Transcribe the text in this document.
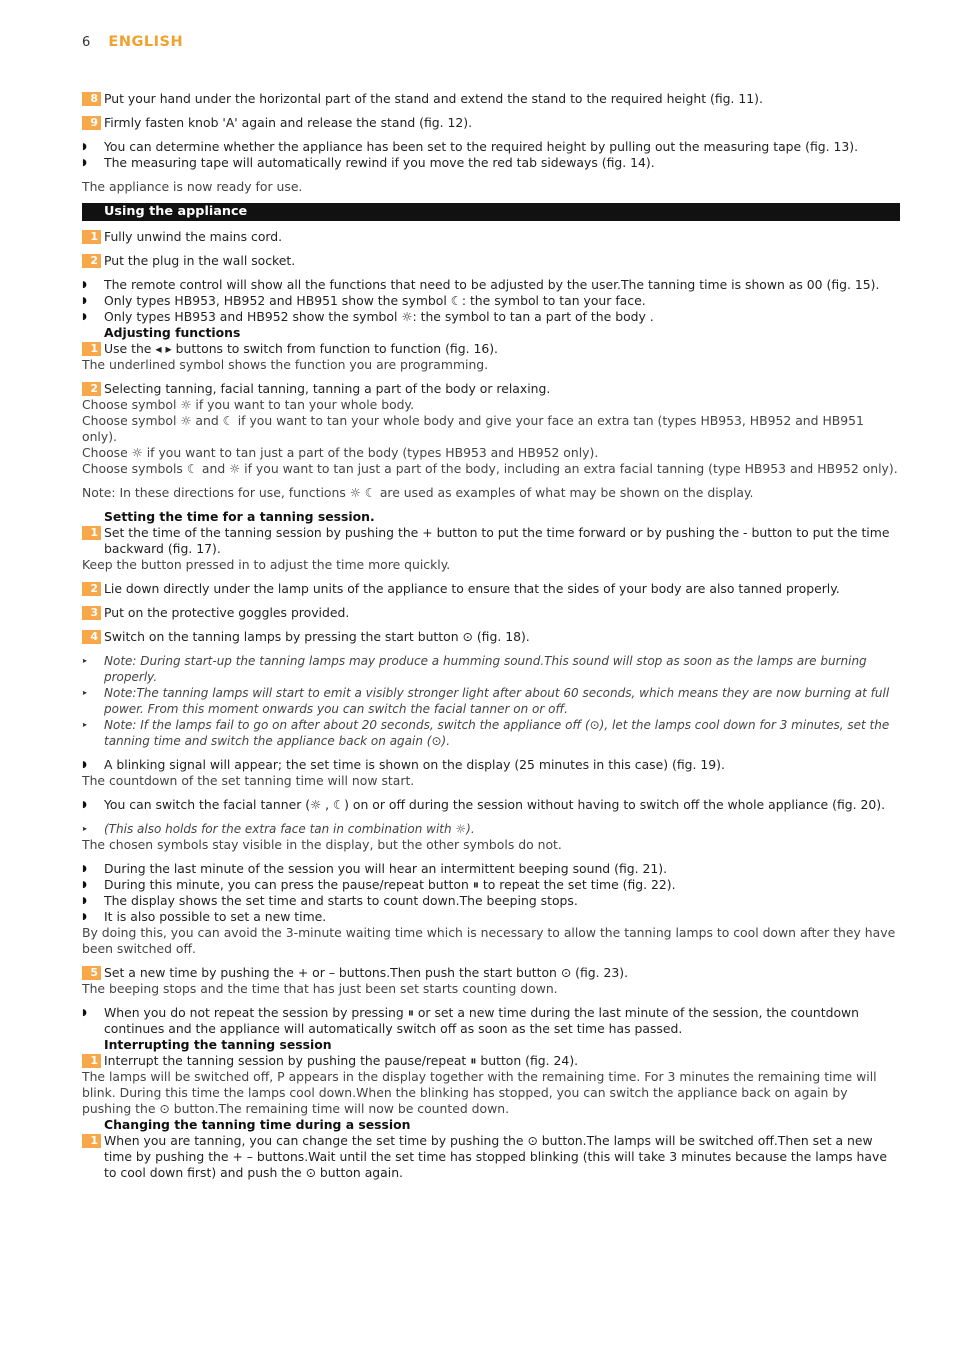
6 ENGLISH
8 Put your hand under the horizontal part of the stand and extend the stand to the required height (fig. 11).
9 Firmly fasten knob 'A' again and release the stand (fig. 12).
◗ You can determine whether the appliance has been set to the required height by pulling out the measuring tape (fig. 13).
◗ The measuring tape will automatically rewind if you move the red tab sideways (fig. 14).
The appliance is now ready for use.
Using the appliance
1 Fully unwind the mains cord.
2 Put the plug in the wall socket.
◗ The remote control will show all the functions that need to be adjusted by the user.The tanning time is shown as 00 (fig. 15).
◗ Only types HB953, HB952 and HB951 show the symbol ☾: the symbol to tan your face.
◗ Only types HB953 and HB952 show the symbol ☼: the symbol to tan a part of the body .
Adjusting functions
1 Use the ◂ ▸ buttons to switch from function to function (fig. 16).
The underlined symbol shows the function you are programming.
2 Selecting tanning, facial tanning, tanning a part of the body or relaxing.
Choose symbol ☼ if you want to tan your whole body.
Choose symbol ☼ and ☾ if you want to tan your whole body and give your face an extra tan (types HB953, HB952 and HB951 only).
Choose ☼ if you want to tan just a part of the body (types HB953 and HB952 only).
Choose symbols ☾ and ☼ if you want to tan just a part of the body, including an extra facial tanning (type HB953 and HB952 only).
Note: In these directions for use, functions ☼ ☾ are used as examples of what may be shown on the display.
Setting the time for a tanning session.
1 Set the time of the tanning session by pushing the + button to put the time forward or by pushing the - button to put the time backward (fig. 17).
Keep the button pressed in to adjust the time more quickly.
2 Lie down directly under the lamp units of the appliance to ensure that the sides of your body are also tanned properly.
3 Put on the protective goggles provided.
4 Switch on the tanning lamps by pressing the start button ⊙ (fig. 18).
▸ Note: During start-up the tanning lamps may produce a humming sound.This sound will stop as soon as the lamps are burning properly.
▸ Note:The tanning lamps will start to emit a visibly stronger light after about 60 seconds, which means they are now burning at full power. From this moment onwards you can switch the facial tanner on or off.
▸ Note: If the lamps fail to go on after about 20 seconds, switch the appliance off (⊙), let the lamps cool down for 3 minutes, set the tanning time and switch the appliance back on again (⊙).
◗ A blinking signal will appear; the set time is shown on the display (25 minutes in this case) (fig. 19).
The countdown of the set tanning time will now start.
◗ You can switch the facial tanner (☼ , ☾) on or off during the session without having to switch off the whole appliance (fig. 20).
▸ (This also holds for the extra face tan in combination with ☼).
The chosen symbols stay visible in the display, but the other symbols do not.
◗ During the last minute of the session you will hear an intermittent beeping sound (fig. 21).
◗ During this minute, you can press the pause/repeat button ⏸ to repeat the set time (fig. 22).
◗ The display shows the set time and starts to count down.The beeping stops.
◗ It is also possible to set a new time.
By doing this, you can avoid the 3-minute waiting time which is necessary to allow the tanning lamps to cool down after they have been switched off.
5 Set a new time by pushing the + or – buttons.Then push the start button ⊙ (fig. 23).
The beeping stops and the time that has just been set starts counting down.
◗ When you do not repeat the session by pressing ⏸ or set a new time during the last minute of the session, the countdown continues and the appliance will automatically switch off as soon as the set time has passed.
Interrupting the tanning session
1 Interrupt the tanning session by pushing the pause/repeat ⏸ button (fig. 24).
The lamps will be switched off, P appears in the display together with the remaining time. For 3 minutes the remaining time will blink. During this time the lamps cool down.When the blinking has stopped, you can switch the appliance back on again by pushing the ⊙ button.The remaining time will now be counted down.
Changing the tanning time during a session
1 When you are tanning, you can change the set time by pushing the ⊙ button.The lamps will be switched off.Then set a new time by pushing the + – buttons.Wait until the set time has stopped blinking (this will take 3 minutes because the lamps have to cool down first) and push the ⊙ button again.
